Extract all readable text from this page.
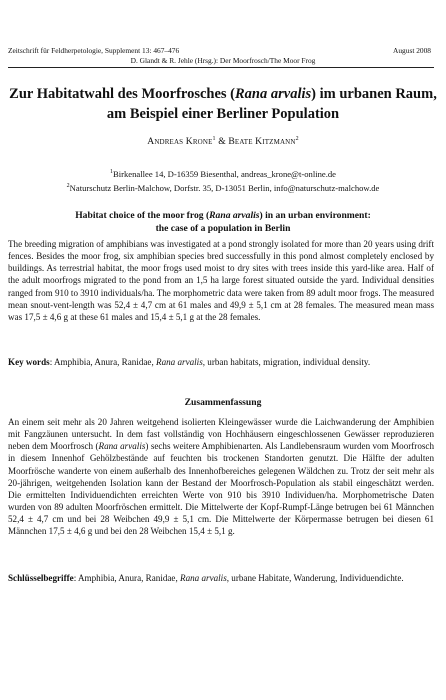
Zeitschrift für Feldherpetologie, Supplement 13: 467–476	August 2008
D. Glandt & R. Jehle (Hrsg.): Der Moorfrosch/The Moor Frog
Zur Habitatwahl des Moorfrosches (Rana arvalis) im urbanen Raum, am Beispiel einer Berliner Population
Andreas Krone$^1$ & Beate Kitzmann$^2$
$^1$Birkenallee 14, D-16359 Biesenthal, andreas_krone@t-online.de
$^2$Naturschutz Berlin-Malchow, Dorfstr. 35, D-13051 Berlin, info@naturschutz-malchow.de
Habitat choice of the moor frog (Rana arvalis) in an urban environment:
the case of a population in Berlin
The breeding migration of amphibians was investigated at a pond strongly isolated for more than 20 years using drift fences. Besides the moor frog, six amphibian species bred successfully in this pond almost completely enclosed by buildings. As terrestrial habitat, the moor frogs used moist to dry sites with trees inside this yard-like area. Half of the adult moorfrogs migrated to the pond from an 1,5 ha large forest situated outside the yard. Individual densities ranged from 910 to 3910 individuals/ha. The morphometric data were taken from 89 adult moor frogs. The measured mean snout-vent-length was 52,4 ± 4,7 cm at 61 males and 49,9 ± 5,1 cm at 28 females. The measured mean mass was 17,5 ± 4,6 g at these 61 males and 15,4 ± 5,1 g at the 28 females.
Key words: Amphibia, Anura, Ranidae, Rana arvalis, urban habitats, migration, individual density.
Zusammenfassung
An einem seit mehr als 20 Jahren weitgehend isolierten Kleingewässer wurde die Laichwanderung der Amphibien mit Fangzäunen untersucht. In dem fast vollständig von Hochhäusern eingeschlossenen Gewässer reproduzieren neben dem Moorfrosch (Rana arvalis) sechs weitere Amphibienarten. Als Landlebensraum wurden vom Moorfrosch in diesem Innenhof Gehölzbestände auf feuchten bis trockenen Standorten genutzt. Die Hälfte der adulten Moorfrösche wanderte von einem außerhalb des Innenhofbereiches gelegenen Wäldchen zu. Trotz der seit mehr als 20-jährigen, weitgehenden Isolation kann der Bestand der Moorfrosch-Population als stabil eingeschätzt werden. Die ermittelten Individuendichten erreichten Werte von 910 bis 3910 Individuen/ha. Morphometrische Daten wurden von 89 adulten Moorfröschen ermittelt. Die Mittelwerte der Kopf-Rumpf-Länge betrugen bei 61 Männchen 52,4 ± 4,7 cm und bei 28 Weibchen 49,9 ± 5,1 cm. Die Mittelwerte der Körpermasse betrugen bei diesen 61 Männchen 17,5 ± 4,6 g und bei den 28 Weibchen 15,4 ± 5,1 g.
Schlüsselbegriffe: Amphibia, Anura, Ranidae, Rana arvalis, urbane Habitate, Wanderung, Individuendichte.
